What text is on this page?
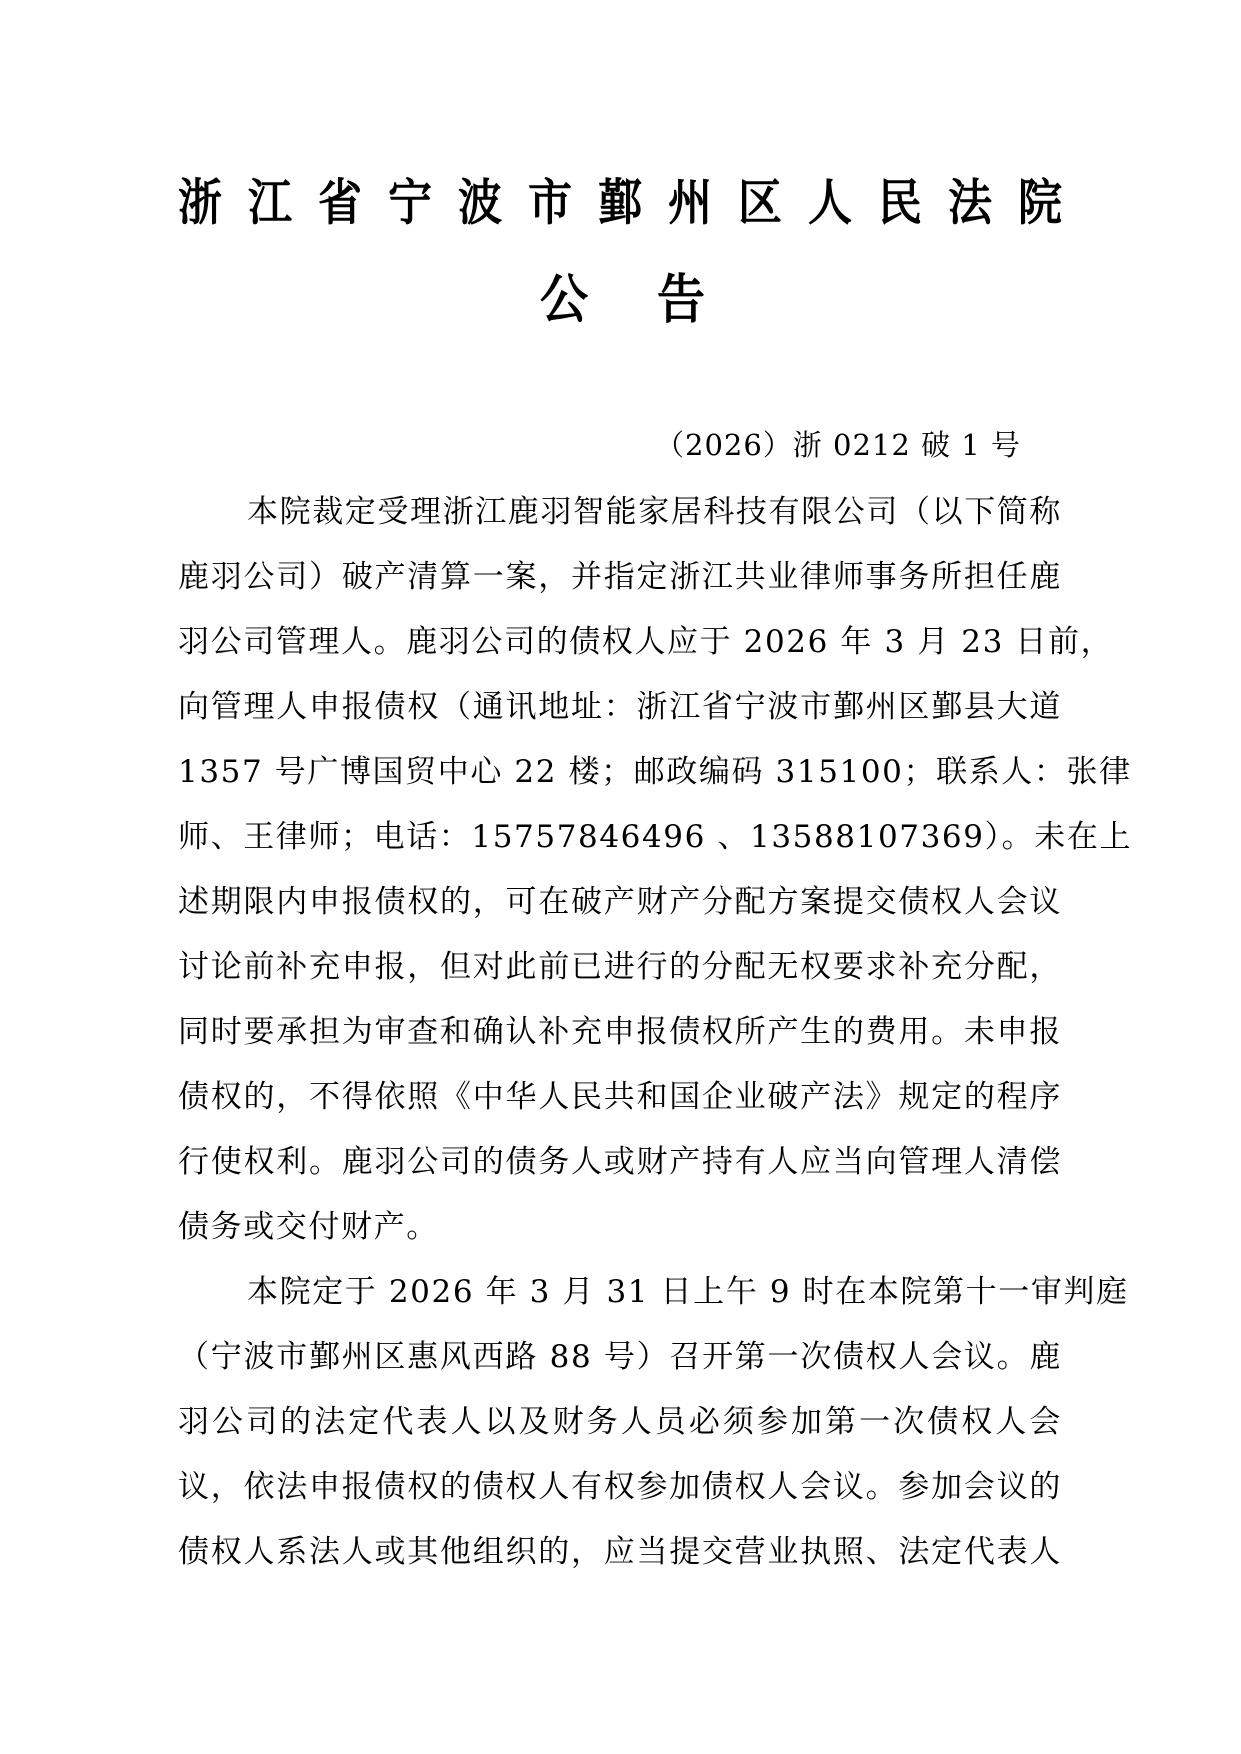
浙 江 省 宁 波 市 鄞 州 区 人 民 法 院
公 告
（2026）浙 0212 破 1 号
本院裁定受理浙江鹿羽智能家居科技有限公司（以下简称
鹿羽公司）破产清算一案，并指定浙江共业律师事务所担任鹿
羽公司管理人。鹿羽公司的债权人应于 2026 年 3 月 23 日前，
向管理人申报债权（通讯地址：浙江省宁波市鄞州区鄞县大道
1357 号广博国贸中心 22 楼；邮政编码 315100；联系人：张律
师、王律师；电话：15757846496 、13588107369）。未在上
述期限内申报债权的，可在破产财产分配方案提交债权人会议
讨论前补充申报，但对此前已进行的分配无权要求补充分配，
同时要承担为审查和确认补充申报债权所产生的费用。未申报
债权的，不得依照《中华人民共和国企业破产法》规定的程序
行使权利。鹿羽公司的债务人或财产持有人应当向管理人清偿
债务或交付财产。
本院定于 2026 年 3 月 31 日上午 9 时在本院第十一审判庭
（宁波市鄞州区惠风西路 88 号）召开第一次债权人会议。鹿
羽公司的法定代表人以及财务人员必须参加第一次债权人会
议，依法申报债权的债权人有权参加债权人会议。参加会议的
债权人系法人或其他组织的，应当提交营业执照、法定代表人
